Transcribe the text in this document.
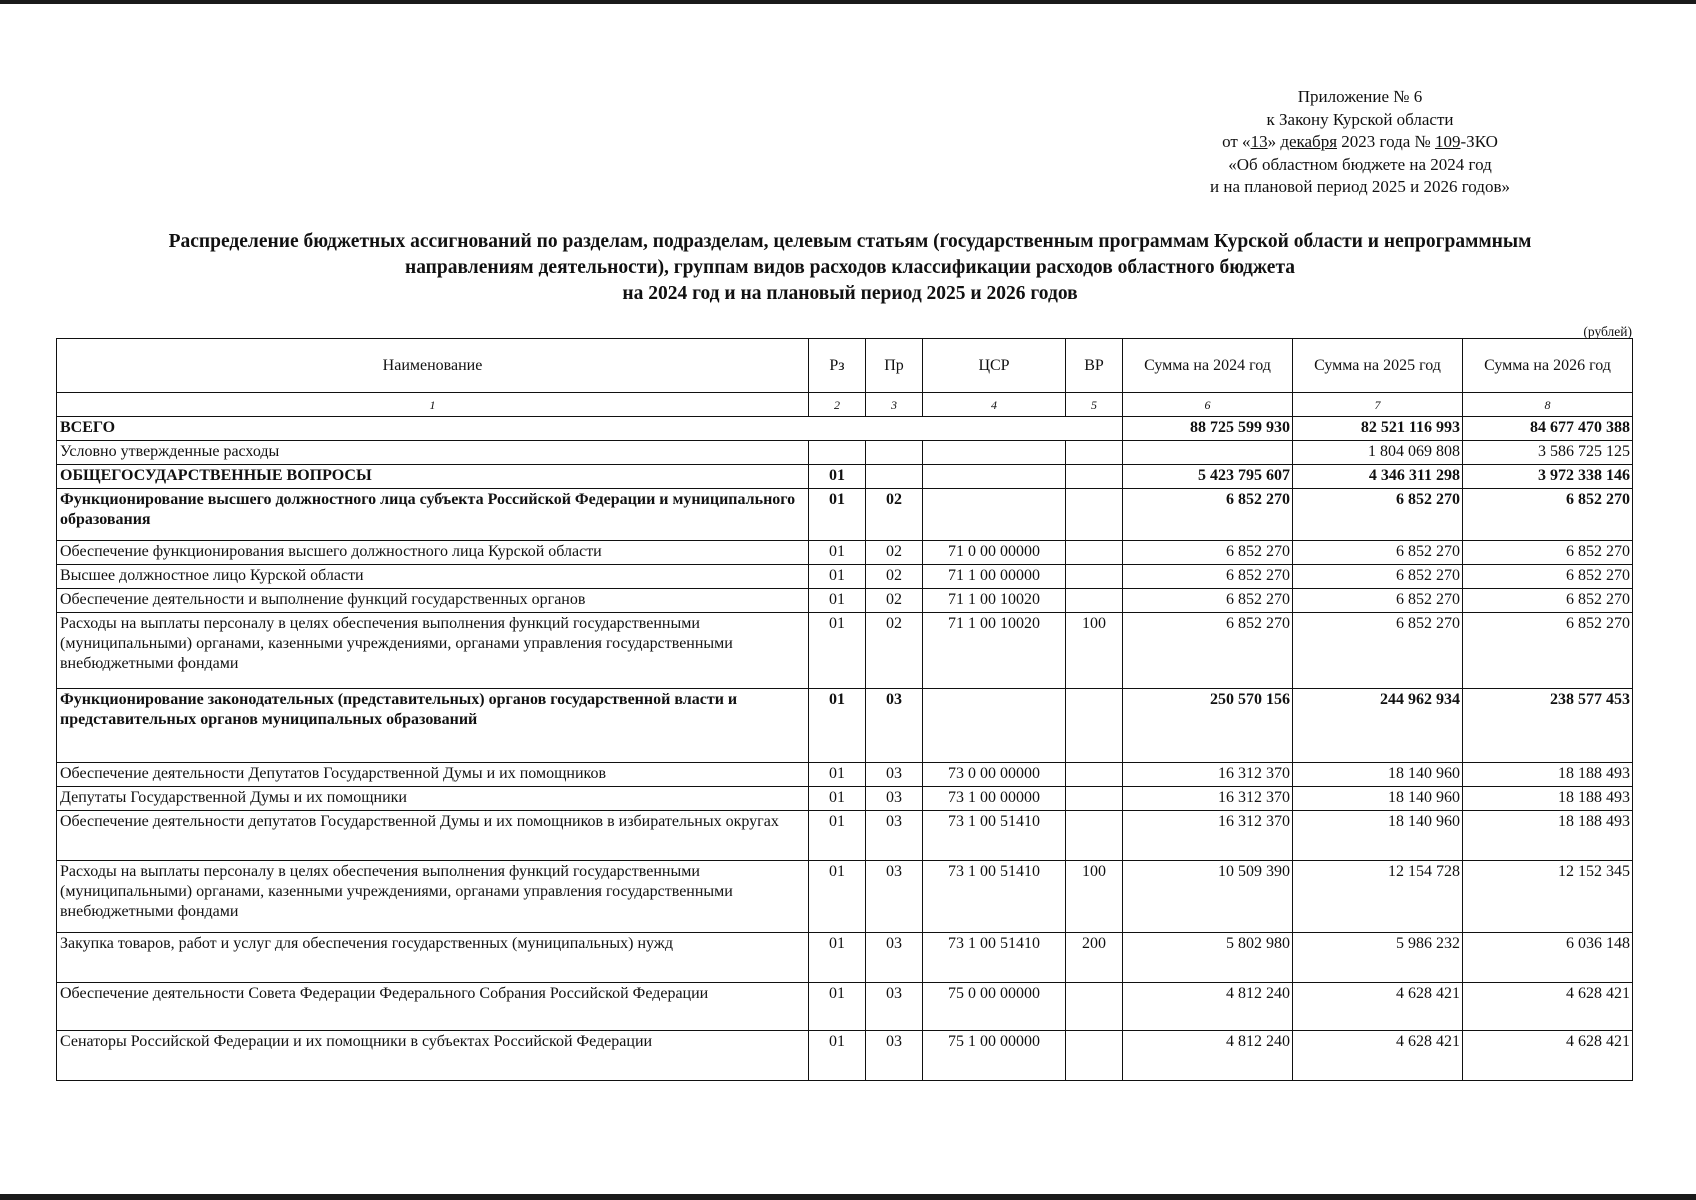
Приложение № 6
к Закону Курской области
от «13» декабря 2023 года № 109-ЗКО
«Об областном бюджете на 2024 год
и на плановой период 2025 и 2026 годов»
Распределение бюджетных ассигнований по разделам, подразделам, целевым статьям (государственным программам Курской области и непрограммным
направлениям деятельности), группам видов расходов классификации расходов областного бюджета
на 2024 год и на плановый период 2025 и 2026 годов
(рублей)
Наименование	Рз	Пр	ЦСР	ВР	Сумма на 2024 год	Сумма на 2025 год	Сумма на 2026 год
1	2	3	4	5	6	7	8
ВСЕГО					88 725 599 930	82 521 116 993	84 677 470 388
Условно утвержденные расходы						1 804 069 808	3 586 725 125
ОБЩЕГОСУДАРСТВЕННЫЕ ВОПРОСЫ	01				5 423 795 607	4 346 311 298	3 972 338 146
Функционирование высшего должностного лица субъекта Российской Федерации и муниципального образования	01	02			6 852 270	6 852 270	6 852 270
Обеспечение функционирования высшего должностного лица Курской области	01	02	71 0 00 00000		6 852 270	6 852 270	6 852 270
Высшее должностное лицо Курской области	01	02	71 1 00 00000		6 852 270	6 852 270	6 852 270
Обеспечение деятельности и выполнение функций государственных органов	01	02	71 1 00 10020		6 852 270	6 852 270	6 852 270
Расходы на выплаты персоналу в целях обеспечения выполнения функций государственными (муниципальными) органами, казенными учреждениями, органами управления государственными внебюджетными фондами	01	02	71 1 00 10020	100	6 852 270	6 852 270	6 852 270
Функционирование законодательных (представительных) органов государственной власти и представительных органов муниципальных образований	01	03			250 570 156	244 962 934	238 577 453
Обеспечение деятельности Депутатов Государственной Думы и их помощников	01	03	73 0 00 00000		16 312 370	18 140 960	18 188 493
Депутаты Государственной Думы и их помощники	01	03	73 1 00 00000		16 312 370	18 140 960	18 188 493
Обеспечение деятельности депутатов Государственной Думы и их помощников в избирательных округах	01	03	73 1 00 51410		16 312 370	18 140 960	18 188 493
Расходы на выплаты персоналу в целях обеспечения выполнения функций государственными (муниципальными) органами, казенными учреждениями, органами управления государственными внебюджетными фондами	01	03	73 1 00 51410	100	10 509 390	12 154 728	12 152 345
Закупка товаров, работ и услуг для обеспечения государственных (муниципальных) нужд	01	03	73 1 00 51410	200	5 802 980	5 986 232	6 036 148
Обеспечение деятельности Совета Федерации Федерального Собрания Российской Федерации	01	03	75 0 00 00000		4 812 240	4 628 421	4 628 421
Сенаторы Российской Федерации и их помощники в субъектах Российской Федерации	01	03	75 1 00 00000		4 812 240	4 628 421	4 628 421
